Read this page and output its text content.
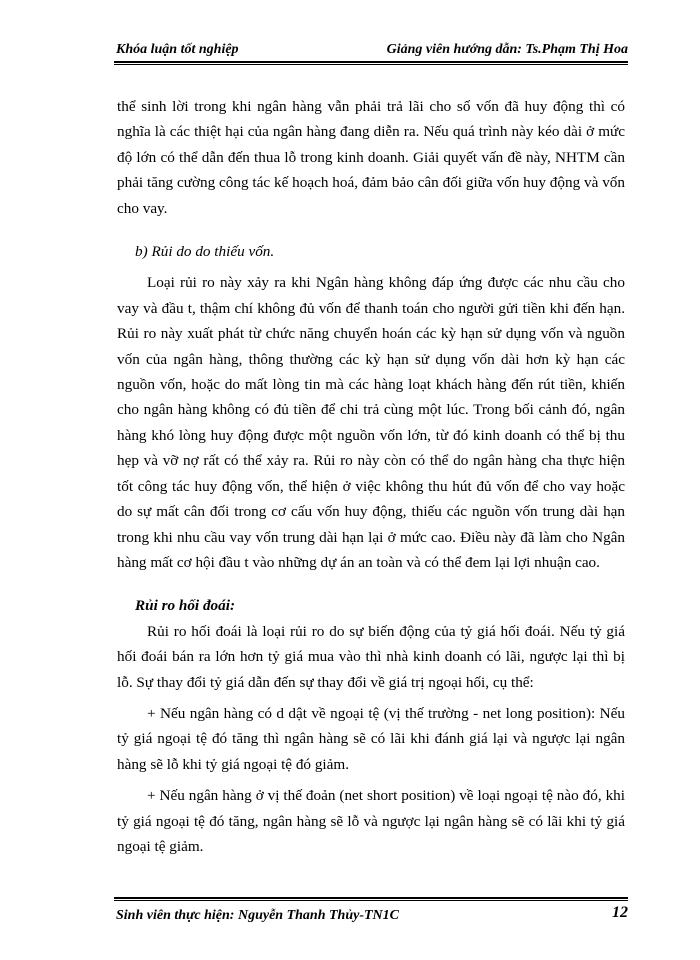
Khóa luận tốt nghiệp	Giảng viên hướng dẫn: Ts.Phạm Thị Hoa

thể sinh lời trong khi ngân hàng vẫn phải trả lãi cho số vốn đã huy động thì có nghĩa là các thiệt hại của ngân hàng đang diễn ra. Nếu quá trình này kéo dài ở mức độ lớn có thể dẫn đến thua lỗ trong kinh doanh. Giải quyết vấn đề này, NHTM cần phải tăng cường công tác kế hoạch hoá, đảm bảo cân đối giữa vốn huy động và vốn cho vay.

b) Rủi do do thiếu vốn.

Loại rủi ro này xảy ra khi Ngân hàng không đáp ứng được các nhu cầu cho vay và đầu t, thậm chí không đủ vốn để thanh toán cho người gửi tiền khi đến hạn. Rủi ro này xuất phát từ chức năng chuyển hoán các kỳ hạn sử dụng vốn và nguồn vốn của ngân hàng, thông thường các kỳ hạn sử dụng vốn dài hơn kỳ hạn các nguồn vốn, hoặc do mất lòng tin mà các hàng loạt khách hàng đến rút tiền, khiến cho ngân hàng không có đủ tiền để chi trả cùng một lúc. Trong bối cảnh đó, ngân hàng khó lòng huy động được một nguồn vốn lớn, từ đó kinh doanh có thể bị thu hẹp và vỡ nợ rất có thể xảy ra. Rủi ro này còn có thể do ngân hàng cha thực hiện tốt công tác huy động vốn, thể hiện ở việc không thu hút đủ vốn để cho vay hoặc do sự mất cân đối trong cơ cấu vốn huy động, thiếu các nguồn vốn trung dài hạn trong khi nhu cầu vay vốn trung dài hạn lại ở mức cao. Điều này đã làm cho Ngân hàng mất cơ hội đầu t vào những dự án an toàn và có thể đem lại lợi nhuận cao.

Rủi ro hối đoái:

Rủi ro hối đoái là loại rủi ro do sự biến động của tỷ giá hối đoái. Nếu tỷ giá hối đoái bán ra lớn hơn tỷ giá mua vào thì nhà kinh doanh có lãi, ngược lại thì bị lỗ. Sự thay đổi tỷ giá dẫn đến sự thay đổi về giá trị ngoại hối, cụ thể:

+ Nếu ngân hàng có d dật về ngoại tệ (vị thế trường - net long position): Nếu tỷ giá ngoại tệ đó tăng thì ngân hàng sẽ có lãi khi đánh giá lại và ngược lại ngân hàng sẽ lỗ khi tỷ giá ngoại tệ đó giảm.

+ Nếu ngân hàng ở vị thế đoản (net short position) về loại ngoại tệ nào đó, khi tỷ giá ngoại tệ đó tăng, ngân hàng sẽ lỗ và ngược lại ngân hàng sẽ có lãi khi tỷ giá ngoại tệ giảm.

Sinh viên thực hiện: Nguyễn Thanh Thủy-TN1C	12
